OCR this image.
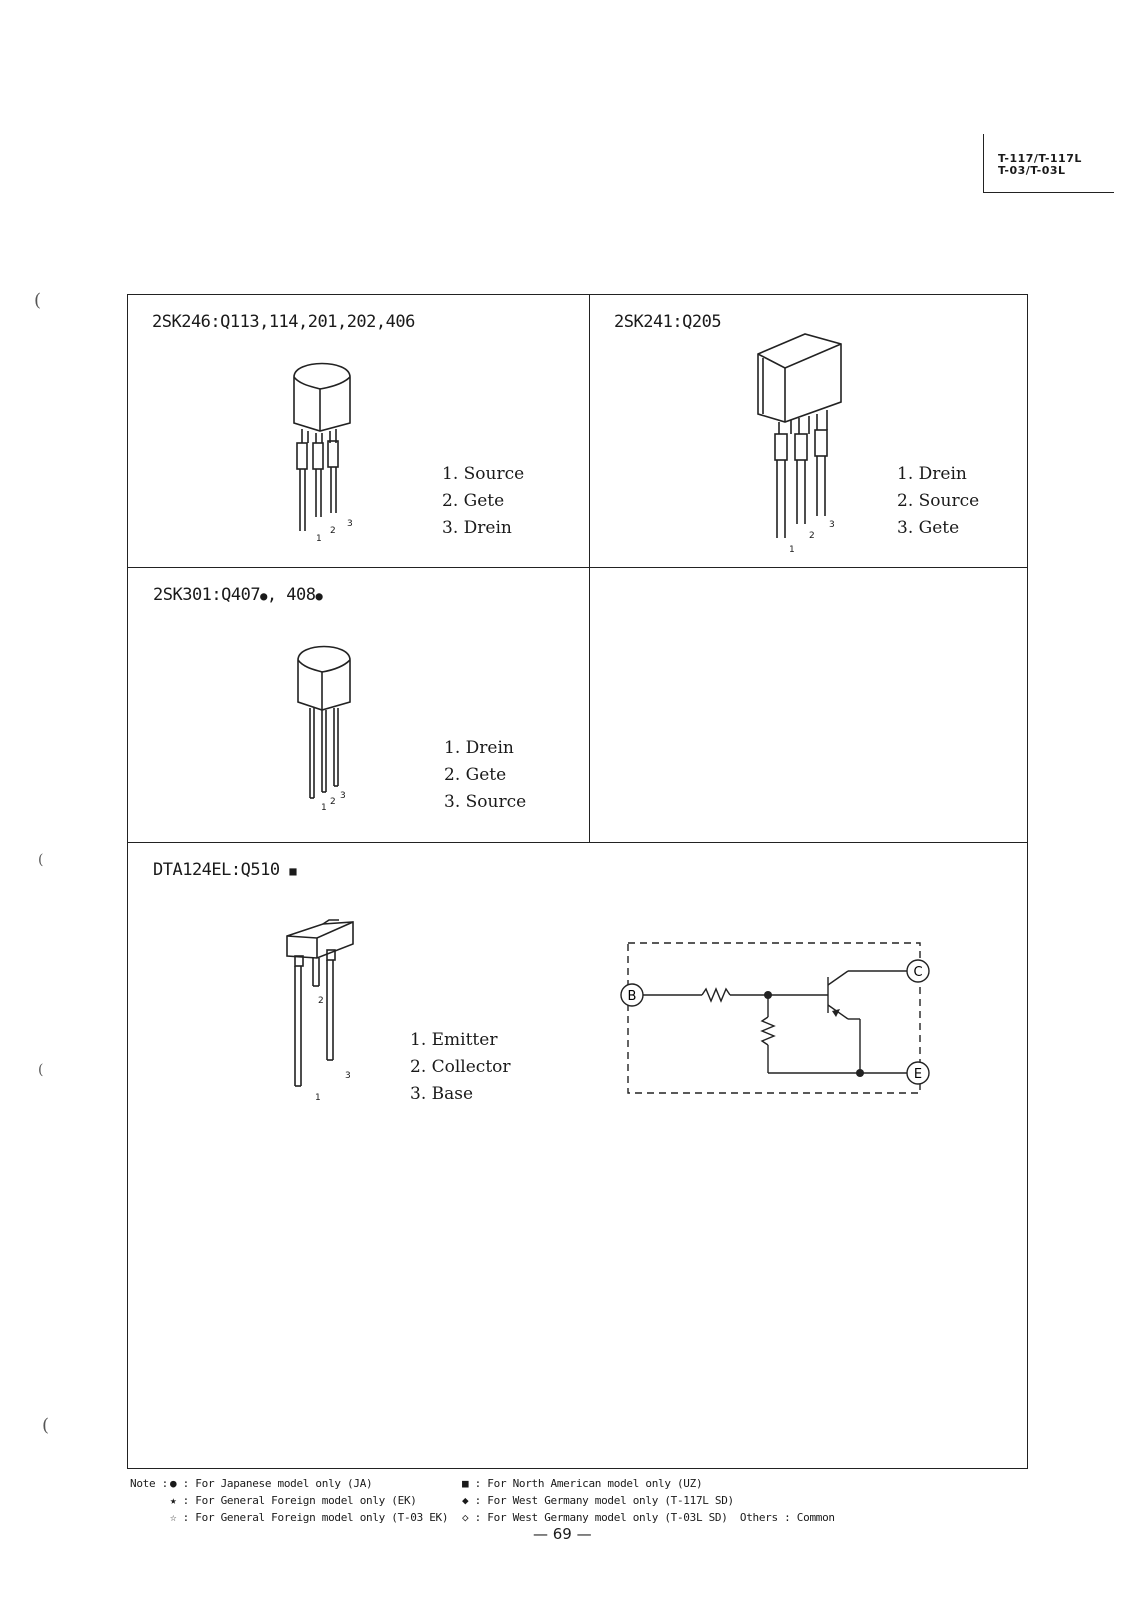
(
(
(
(
T-117/T-117L
T-03/T-03L
2SK246:Q113,114,201,202,406
1
2
3
1. Source
2. Gete
3. Drein
2SK241:Q205
1
2
3
1. Drein
2. Source
3. Gete
2SK301:Q407●, 408●
1
2
3
1. Drein
2. Gete
3. Source
DTA124EL:Q510 ■
1
2
3
1. Emitter
2. Collector
3. Base
B
C
E
Note : ● : For Japanese model only (JA)
★ : For General Foreign model only (EK)
☆ : For General Foreign model only (T-03 EK)
■ : For North American model only (UZ)
◆ : For West Germany model only (T-117L SD)
◇ : For West Germany model only (T-03L SD) Others : Common
— 69 —
